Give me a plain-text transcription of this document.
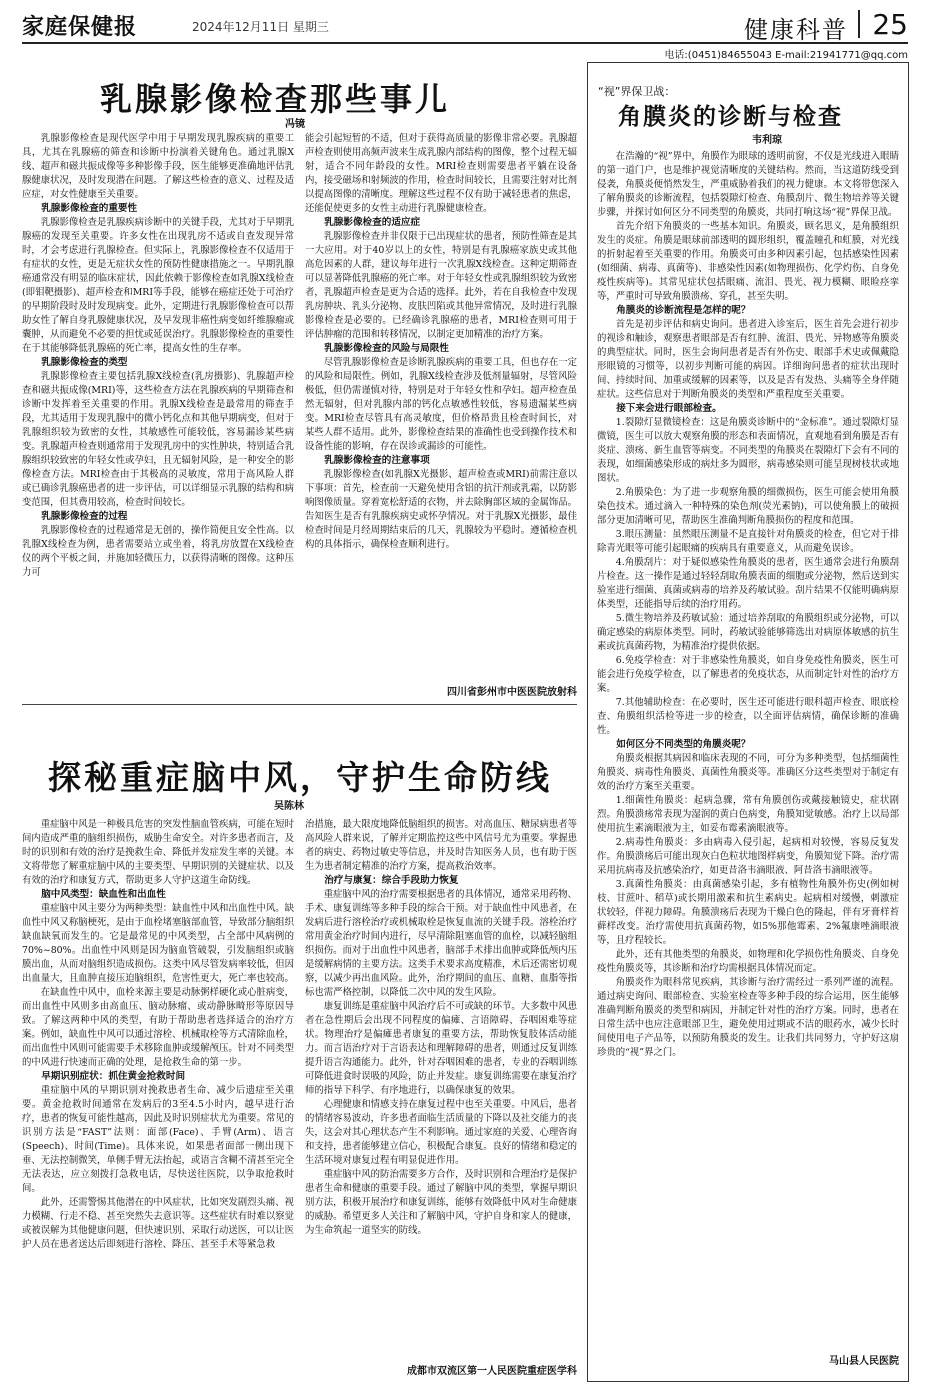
家庭保健报	2024年12月11日 星期三	健康科普 25
电话:(0451)84655043 E-mail:21941771@qq.com
乳腺影像检查那些事儿
冯镜

乳腺影像检查是现代医学中用于早期发现乳腺疾病的重要工具，尤其在乳腺癌的筛查和诊断中扮演着关键角色。通过乳腺X线、超声和磁共振成像等多种影像手段，医生能够更准确地评估乳腺健康状况，及时发现潜在问题。了解这些检查的意义、过程及适应症，对女性健康至关重要。

乳腺影像检查的重要性

乳腺影像检查是乳腺疾病诊断中的关键手段，尤其对于早期乳腺癌的发现至关重要。许多女性在出现乳房不适或自查发现异常时，才会考虑进行乳腺检查。但实际上，乳腺影像检查不仅适用于有症状的女性，更是无症状女性的预防性健康措施之一。早期乳腺癌通常没有明显的临床症状，因此依赖于影像检查如乳腺X线检查(即钼靶摄影)、超声检查和MRI等手段，能够在癌症还处于可治疗的早期阶段时及时发现病变。此外，定期进行乳腺影像检查可以帮助女性了解自身乳腺健康状况，及早发现非癌性病变如纤维腺瘤或囊肿，从而避免不必要的担忧或延误治疗。乳腺影像检查的重要性在于其能够降低乳腺癌的死亡率，提高女性的生存率。

乳腺影像检查的类型

乳腺影像检查主要包括乳腺X线检查(乳房摄影)、乳腺超声检查和磁共振成像(MRI)等，这些检查方法在乳腺疾病的早期筛查和诊断中发挥着至关重要的作用。乳腺X线检查是最常用的筛查手段，尤其适用于发现乳腺中的微小钙化点和其他早期病变，但对于乳腺组织较为致密的女性，其敏感性可能较低，容易漏诊某些病变。乳腺超声检查则通常用于发现乳房中的实性肿块，特别适合乳腺组织较致密的年轻女性或孕妇，且无辐射风险，是一种安全的影像检查方法。MRI检查由于其极高的灵敏度，常用于高风险人群或已确诊乳腺癌患者的进一步评估，可以详细显示乳腺的结构和病变范围，但其费用较高，检查时间较长。

乳腺影像检查的过程

乳腺影像检查的过程通常是无创的，操作简便且安全性高。以乳腺X线检查为例，患者需要站立或坐着，将乳房放置在X线检查仪的两个平板之间，并施加轻微压力，以获得清晰的图像。这种压力可

能会引起短暂的不适，但对于获得高质量的影像非常必要。乳腺超声检查则使用高频声波来生成乳腺内部结构的图像，整个过程无辐射，适合不同年龄段的女性。MRI检查则需要患者平躺在设备内，接受磁场和射频波的作用，检查时间较长，且需要注射对比剂以提高图像的清晰度。理解这些过程不仅有助于减轻患者的焦虑，还能促使更多的女性主动进行乳腺健康检查。

乳腺影像检查的适应症

乳腺影像检查并非仅限于已出现症状的患者，预防性筛查是其一大应用。对于40岁以上的女性，特别是有乳腺癌家族史或其他高危因素的人群，建议每年进行一次乳腺X线检查。这种定期筛查可以显著降低乳腺癌的死亡率。对于年轻女性或乳腺组织较为致密者，乳腺超声检查是更为合适的选择。此外，若在自我检查中发现乳房肿块、乳头分泌物、皮肤凹陷或其他异常情况，及时进行乳腺影像检查是必要的。已经确诊乳腺癌的患者，MRI检查则可用于评估肿瘤的范围和转移情况，以制定更加精准的治疗方案。

乳腺影像检查的风险与局限性

尽管乳腺影像检查是诊断乳腺疾病的重要工具，但也存在一定的风险和局限性。例如，乳腺X线检查涉及低剂量辐射，尽管风险极低，但仍需谨慎对待，特别是对于年轻女性和孕妇。超声检查虽然无辐射，但对乳腺内部的钙化点敏感性较低，容易遗漏某些病变。MRI检查尽管具有高灵敏度，但价格昂贵且检查时间长，对某些人群不适用。此外，影像检查结果的准确性也受到操作技术和设备性能的影响，存在误诊或漏诊的可能性。

乳腺影像检查的注意事项

乳腺影像检查(如乳腺X光摄影、超声检查或MRI)前需注意以下事项：首先，检查前一天避免使用含铝的抗汗剂或乳霜，以防影响图像质量。穿着宽松舒适的衣物，并去除胸部区域的金属饰品。告知医生是否有乳腺疾病史或怀孕情况。对于乳腺X光摄影，最佳检查时间是月经周期结束后的几天，乳腺较为平稳时。遵循检查机构的具体指示，确保检查顺利进行。

四川省彭州市中医医院放射科
探秘重症脑中风，守护生命防线
吴陈林

重症脑中风是一种极具危害的突发性脑血管疾病，可能在短时间内造成严重的脑组织损伤，威胁生命安全。对许多患者而言，及时的识别和有效的治疗是挽救生命、降低并发症发生率的关键。本文将带您了解重症脑中风的主要类型、早期识别的关键症状、以及有效的治疗和康复方式，帮助更多人守护这道生命防线。

脑中风类型：缺血性和出血性

重症脑中风主要分为两种类型：缺血性中风和出血性中风。缺血性中风又称脑梗死，是由于血栓堵塞脑部血管，导致部分脑组织缺血缺氧而发生的。它是最常见的中风类型，占全部中风病例的70%~80%。出血性中风则是因为脑血管破裂，引发脑组织或脑膜出血，从而对脑组织造成损伤。这类中风尽管发病率较低，但因出血量大，且血肿直接压迫脑组织，危害性更大，死亡率也较高。

在缺血性中风中，血栓来源主要是动脉粥样硬化或心脏病变，而出血性中风则多由高血压、脑动脉瘤、或动静脉畸形等原因导致。了解这两种中风的类型，有助于帮助患者选择适合的治疗方案。例如，缺血性中风可以通过溶栓、机械取栓等方式清除血栓，而出血性中风则可能需要手术移除血肿或缓解颅压。针对不同类型的中风进行快速而正确的处理，是抢救生命的第一步。

早期识别症状：抓住黄金抢救时间

重症脑中风的早期识别对挽救患者生命、减少后遗症至关重要。黄金抢救时间通常在发病后的3至4.5小时内，越早进行治疗，患者的恢复可能性越高，因此及时识别症状尤为重要。常见的识别方法是“FAST”法则：面部(Face)、手臂(Arm)、语言(Speech)、时间(Time)。具体来说，如果患者面部一侧出现下垂、无法控制微笑，单侧手臂无法抬起，或语言含糊不清甚至完全无法表达，应立刻拨打急救电话，尽快送往医院，以争取抢救时间。

此外，还需警惕其他潜在的中风症状，比如突发剧烈头痛、视力模糊、行走不稳、甚至突然失去意识等。这些症状有时难以察觉或被误解为其他健康问题，但快速识别、采取行动送医，可以让医护人员在患者送达后即刻进行溶栓、降压、甚至手术等紧急救

治措施，最大限度地降低脑组织的损害。对高血压、糖尿病患者等高风险人群来说，了解并定期监控这些中风信号尤为重要。掌握患者的病史、药物过敏史等信息，并及时告知医务人员，也有助于医生为患者制定精准的治疗方案，提高救治效率。

治疗与康复：综合手段助力恢复

重症脑中风的治疗需要根据患者的具体情况，通常采用药物、手术、康复训练等多种手段的综合干预。对于缺血性中风患者，在发病后进行溶栓治疗或机械取栓是恢复血流的关键手段。溶栓治疗常用黄金治疗时间内进行，尽早清除阻塞血管的血栓，以减轻脑组织损伤。而对于出血性中风患者，脑部手术排出血肿或降低颅内压是缓解病情的主要方法。这类手术要求高度精准，术后还需密切观察，以减少再出血风险。此外，治疗期间的血压、血糖、血脂等指标也需严格控制，以降低二次中风的发生风险。

康复训练是重症脑中风治疗后不可或缺的环节。大多数中风患者在急性期后会出现不同程度的偏瘫、言语障碍、吞咽困难等症状。物理治疗是偏瘫患者康复的重要方法，帮助恢复肢体活动能力。而言语治疗对于言语表达和理解障碍的患者，则通过反复训练提升语言沟通能力。此外，针对吞咽困难的患者，专业的吞咽训练可降低进食时误吸的风险，防止并发症。康复训练需要在康复治疗师的指导下科学、有序地进行，以确保康复的效果。

心理健康和情感支持在康复过程中也至关重要。中风后，患者的情绪容易波动，许多患者面临生活质量的下降以及社交能力的丧失，这会对其心理状态产生不利影响。通过家庭的关爱、心理咨询和支持，患者能够建立信心，积极配合康复。良好的情绪和稳定的生活环境对康复过程有明显促进作用。

重症脑中风的防治需要多方合作，及时识别和合理治疗是保护患者生命和健康的重要手段。通过了解脑中风的类型，掌握早期识别方法，积极开展治疗和康复训练，能够有效降低中风对生命健康的威胁。希望更多人关注和了解脑中风，守护自身和家人的健康，为生命筑起一道坚实的防线。

成都市双流区第一人民医院重症医学科
“视”界保卫战：
角膜炎的诊断与检查
韦利琼

在浩瀚的“视”界中，角膜作为眼球的透明前窗，不仅是光线进入眼睛的第一道门户，也是维护视觉清晰度的关键结构。然而，当这道防线受到侵袭，角膜炎便悄然发生，严重威胁着我们的视力健康。本文将带您深入了解角膜炎的诊断流程，包括裂隙灯检查、角膜刮片、微生物培养等关键步骤，并探讨如何区分不同类型的角膜炎，共同打响这场“视”界保卫战。

首先介绍下角膜炎的一些基本知识。角膜炎，顾名思义，是角膜组织发生的炎症。角膜是眼球前部透明的圆形组织，覆盖瞳孔和虹膜，对光线的折射起着至关重要的作用。角膜炎可由多种因素引起，包括感染性因素(如细菌、病毒、真菌等)、非感染性因素(如物理损伤、化学灼伤、自身免疫性疾病等)。其常见症状包括眼痛、流泪、畏光、视力模糊、眼睑痉挛等，严重时可导致角膜溃疡、穿孔，甚至失明。

角膜炎的诊断流程是怎样的呢？

首先是初步评估和病史询问。患者进入诊室后，医生首先会进行初步的视诊和触诊，观察患者眼部是否有红肿、流泪、畏光、异物感等角膜炎的典型症状。同时，医生会询问患者是否有外伤史、眼部手术史或佩戴隐形眼镜的习惯等，以初步判断可能的病因。详细询问患者的症状出现时间、持续时间、加重或缓解的因素等，以及是否有发热、头痛等全身伴随症状。这些信息对于判断角膜炎的类型和严重程度至关重要。

接下来会进行眼部检查。

1.裂隙灯显微镜检查：这是角膜炎诊断中的“金标准”。通过裂隙灯显微镜，医生可以放大观察角膜的形态和表面情况，直观地看到角膜是否有炎症、溃疡、新生血管等病变。不同类型的角膜炎在裂隙灯下会有不同的表现，如细菌感染形成的病灶多为圆形，病毒感染则可能呈现树枝状或地图状。

2.角膜染色：为了进一步观察角膜的细微损伤，医生可能会使用角膜染色技术。通过滴入一种特殊的染色剂(荧光素钠)，可以使角膜上的破损部分更加清晰可见，帮助医生准确判断角膜损伤的程度和范围。

3.眼压测量：虽然眼压测量不是直接针对角膜炎的检查，但它对于排除青光眼等可能引起眼痛的疾病具有重要意义，从而避免误诊。

4.角膜刮片：对于疑似感染性角膜炎的患者，医生通常会进行角膜刮片检查。这一操作是通过轻轻刮取角膜表面的细胞或分泌物，然后送到实验室进行细菌、真菌或病毒的培养及药敏试验。刮片结果不仅能明确病原体类型，还能指导后续的治疗用药。

5.微生物培养及药敏试验：通过培养刮取的角膜组织或分泌物，可以确定感染的病原体类型。同时，药敏试验能够筛选出对病原体敏感的抗生素或抗真菌药物，为精准治疗提供依据。

6.免疫学检查：对于非感染性角膜炎，如自身免疫性角膜炎，医生可能会进行免疫学检查，以了解患者的免疫状态，从而制定针对性的治疗方案。

7.其他辅助检查：在必要时，医生还可能进行眼科超声检查、眼底检查、角膜组织活检等进一步的检查，以全面评估病情，确保诊断的准确性。

如何区分不同类型的角膜炎呢？

角膜炎根据其病因和临床表现的不同，可分为多种类型，包括细菌性角膜炎、病毒性角膜炎、真菌性角膜炎等。准确区分这些类型对于制定有效的治疗方案至关重要。

1.细菌性角膜炎：起病急骤，常有角膜创伤或戴接触镜史，症状剧烈。角膜溃疡常表现为湿润的黄白色病变，角膜知觉敏感。治疗上以局部使用抗生素滴眼液为主，如妥布霉素滴眼液等。

2.病毒性角膜炎：多由病毒入侵引起，起病相对较慢，容易反复发作。角膜溃疡后可能出现灰白色粒状地图样病变，角膜知觉下降。治疗需采用抗病毒及抗感染治疗，如更昔洛韦滴眼液、阿昔洛韦滴眼液等。

3.真菌性角膜炎：由真菌感染引起，多有植物性角膜外伤史(例如树枝、甘蔗叶、稻草)或长期用激素和抗生素病史。起病相对缓慢，刺激症状较轻，伴视力障碍。角膜溃疡后表现为干燥白色的隆起，伴有牙膏样苔藓样改变。治疗需使用抗真菌药物，如5%那他霉素、2%氟康唑滴眼液等，且疗程较长。

此外，还有其他类型的角膜炎，如物理和化学损伤性角膜炎、自身免疫性角膜炎等，其诊断和治疗均需根据具体情况而定。

角膜炎作为眼科常见疾病，其诊断与治疗需经过一系列严谨的流程。通过病史询问、眼部检查、实验室检查等多种手段的综合运用，医生能够准确判断角膜炎的类型和病因，并制定针对性的治疗方案。同时，患者在日常生活中也应注意眼部卫生，避免使用过期或不洁的眼药水，减少长时间使用电子产品等，以预防角膜炎的发生。让我们共同努力，守护好这扇珍贵的“视”界之门。

马山县人民医院
